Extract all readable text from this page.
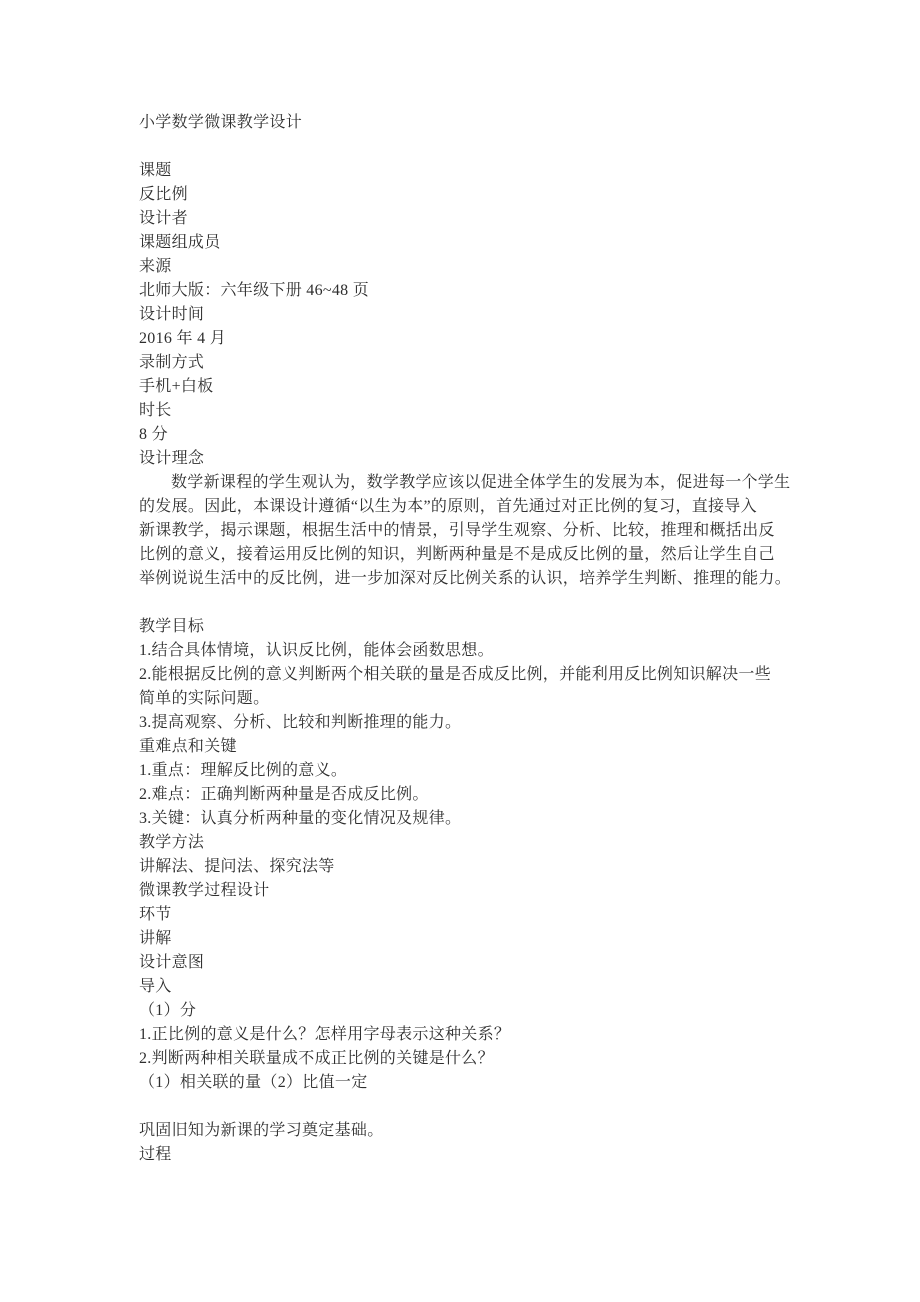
小学数学微课教学设计
课题
反比例
设计者
课题组成员
来源
北师大版：六年级下册 46~48 页
设计时间
2016 年 4 月
录制方式
手机+白板
时长
8 分
设计理念
数学新课程的学生观认为，数学教学应该以促进全体学生的发展为本，促进每一个学生
的发展。因此，本课设计遵循“以生为本”的原则，首先通过对正比例的复习，直接导入
新课教学，揭示课题，根据生活中的情景，引导学生观察、分析、比较，推理和概括出反
比例的意义，接着运用反比例的知识，判断两种量是不是成反比例的量，然后让学生自己
举例说说生活中的反比例，进一步加深对反比例关系的认识，培养学生判断、推理的能力。
教学目标
1.结合具体情境，认识反比例，能体会函数思想。
2.能根据反比例的意义判断两个相关联的量是否成反比例，并能利用反比例知识解决一些
简单的实际问题。
3.提高观察、分析、比较和判断推理的能力。
重难点和关键
1.重点：理解反比例的意义。
2.难点：正确判断两种量是否成反比例。
3.关键：认真分析两种量的变化情况及规律。
教学方法
讲解法、提问法、探究法等
微课教学过程设计
环节
讲解
设计意图
导入
（1）分
1.正比例的意义是什么？怎样用字母表示这种关系？
2.判断两种相关联量成不成正比例的关键是什么？
（1）相关联的量（2）比值一定
巩固旧知为新课的学习奠定基础。
过程
